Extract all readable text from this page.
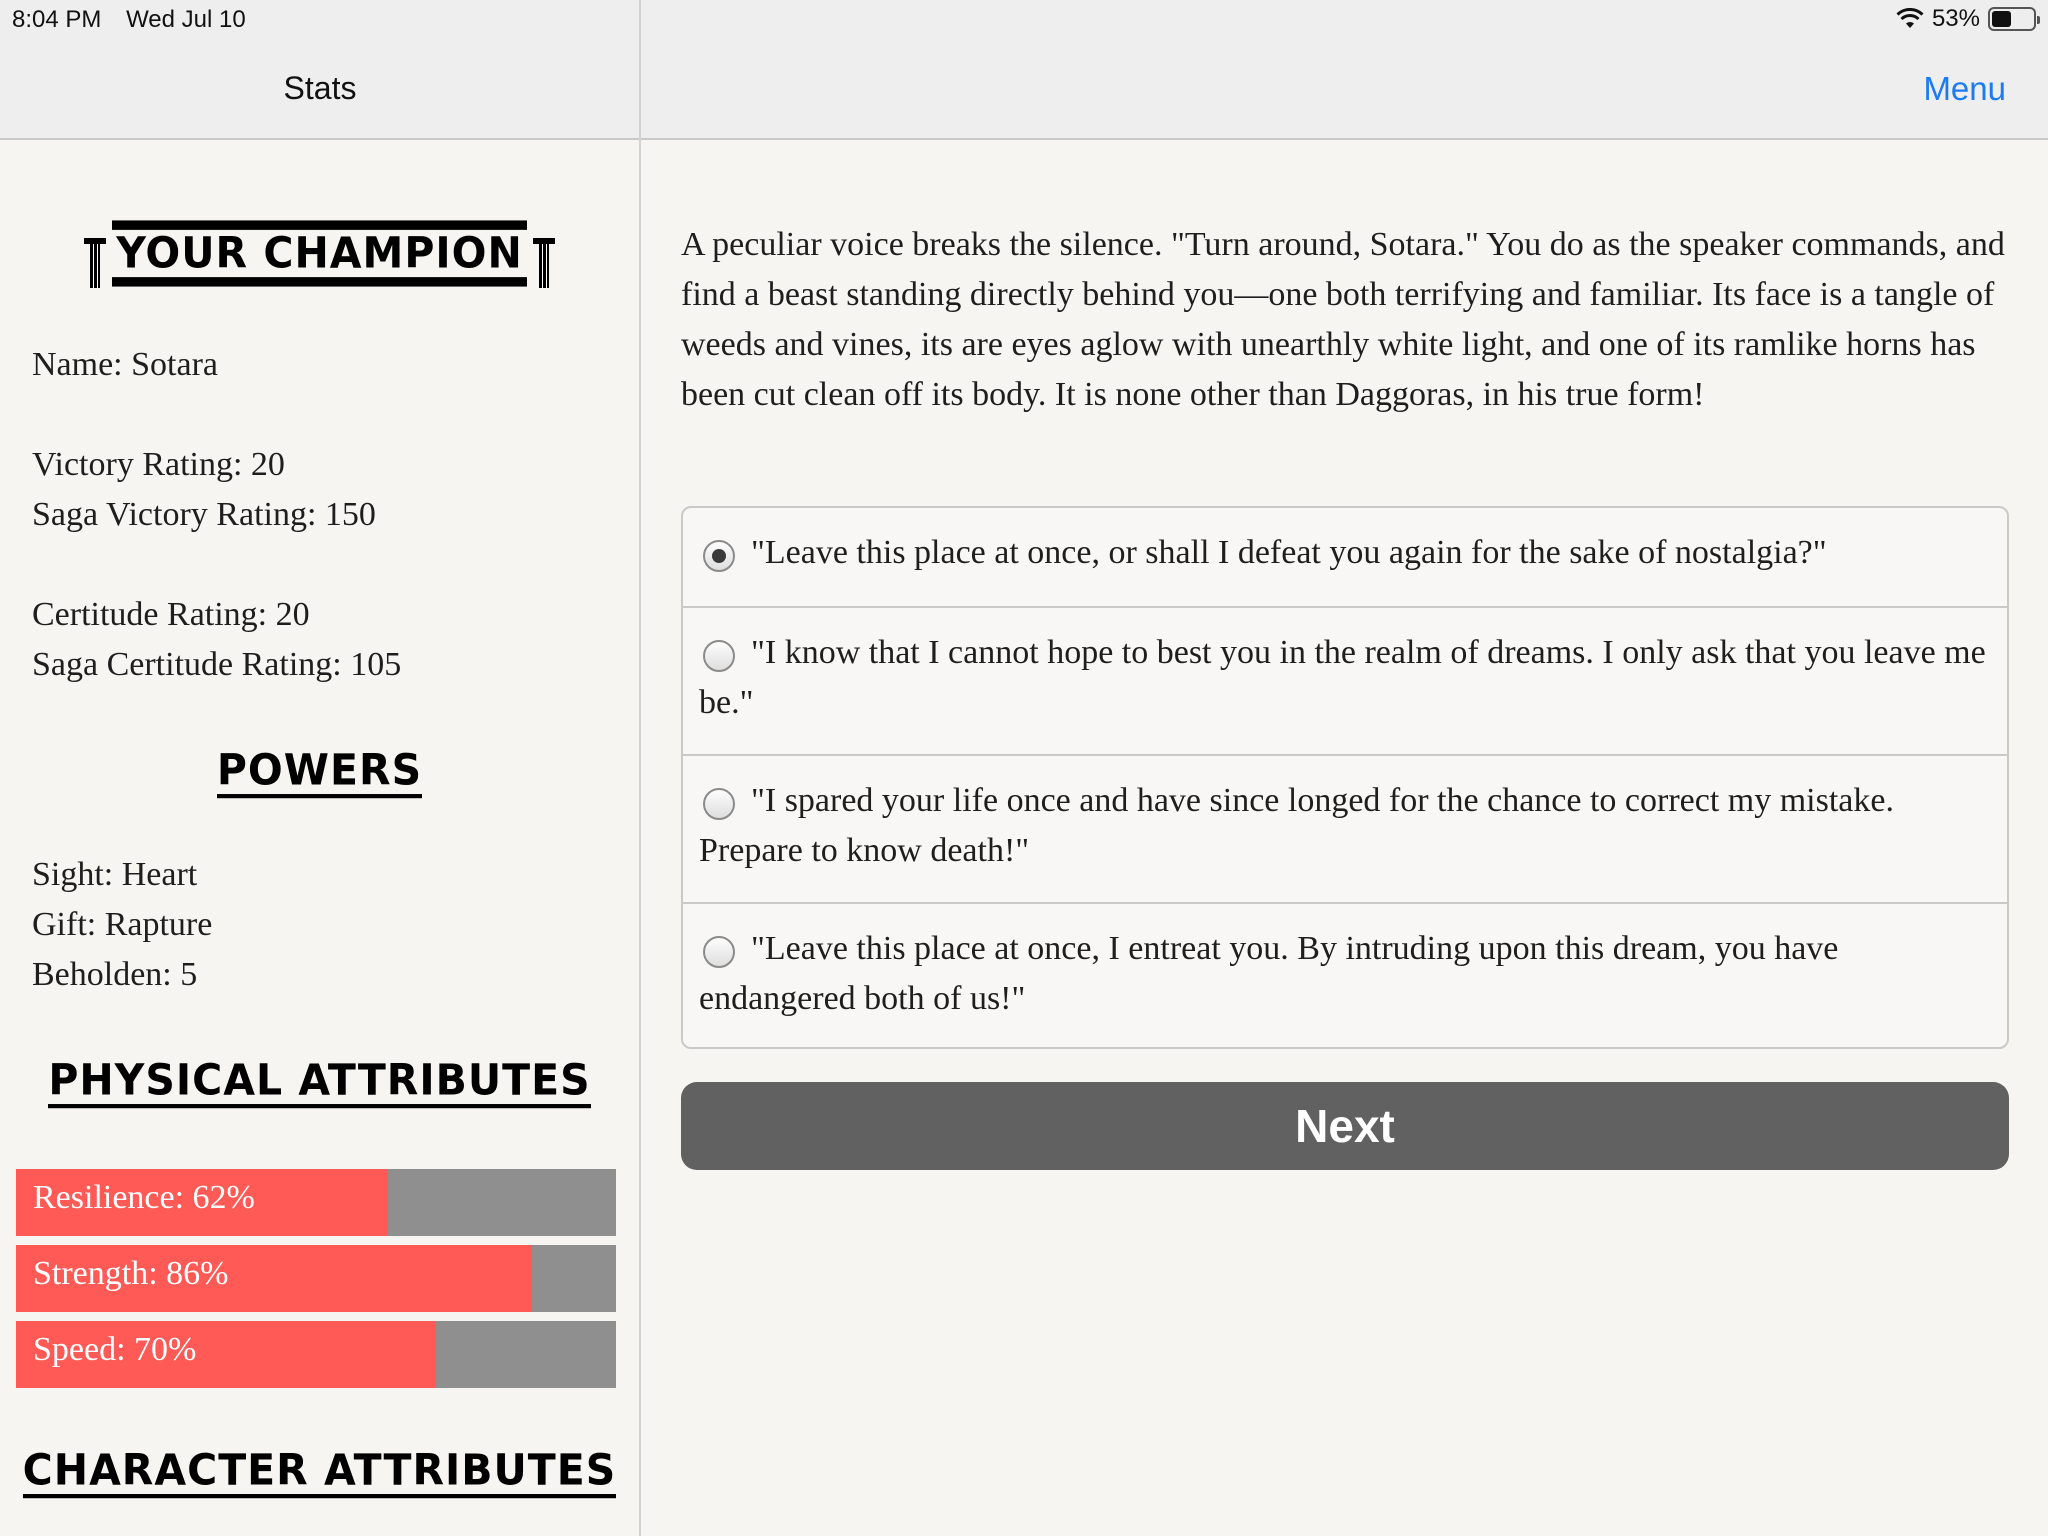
8:04 PM Wed Jul 10	53%
Stats	Menu
YOUR CHAMPION
Name: Sotara
Victory Rating: 20
Saga Victory Rating: 150
Certitude Rating: 20
Saga Certitude Rating: 105
POWERS
Sight: Heart
Gift: Rapture
Beholden: 5
PHYSICAL ATTRIBUTES
Resilience: 62%
Strength: 86%
Speed: 70%
CHARACTER ATTRIBUTES
A peculiar voice breaks the silence. "Turn around, Sotara." You do as the speaker commands, and find a beast standing directly behind you—one both terrifying and familiar. Its face is a tangle of weeds and vines, its are eyes aglow with unearthly white light, and one of its ramlike horns has been cut clean off its body. It is none other than Daggoras, in his true form!
"Leave this place at once, or shall I defeat you again for the sake of nostalgia?"
"I know that I cannot hope to best you in the realm of dreams. I only ask that you leave me be."
"I spared your life once and have since longed for the chance to correct my mistake. Prepare to know death!"
"Leave this place at once, I entreat you. By intruding upon this dream, you have endangered both of us!"
Next
